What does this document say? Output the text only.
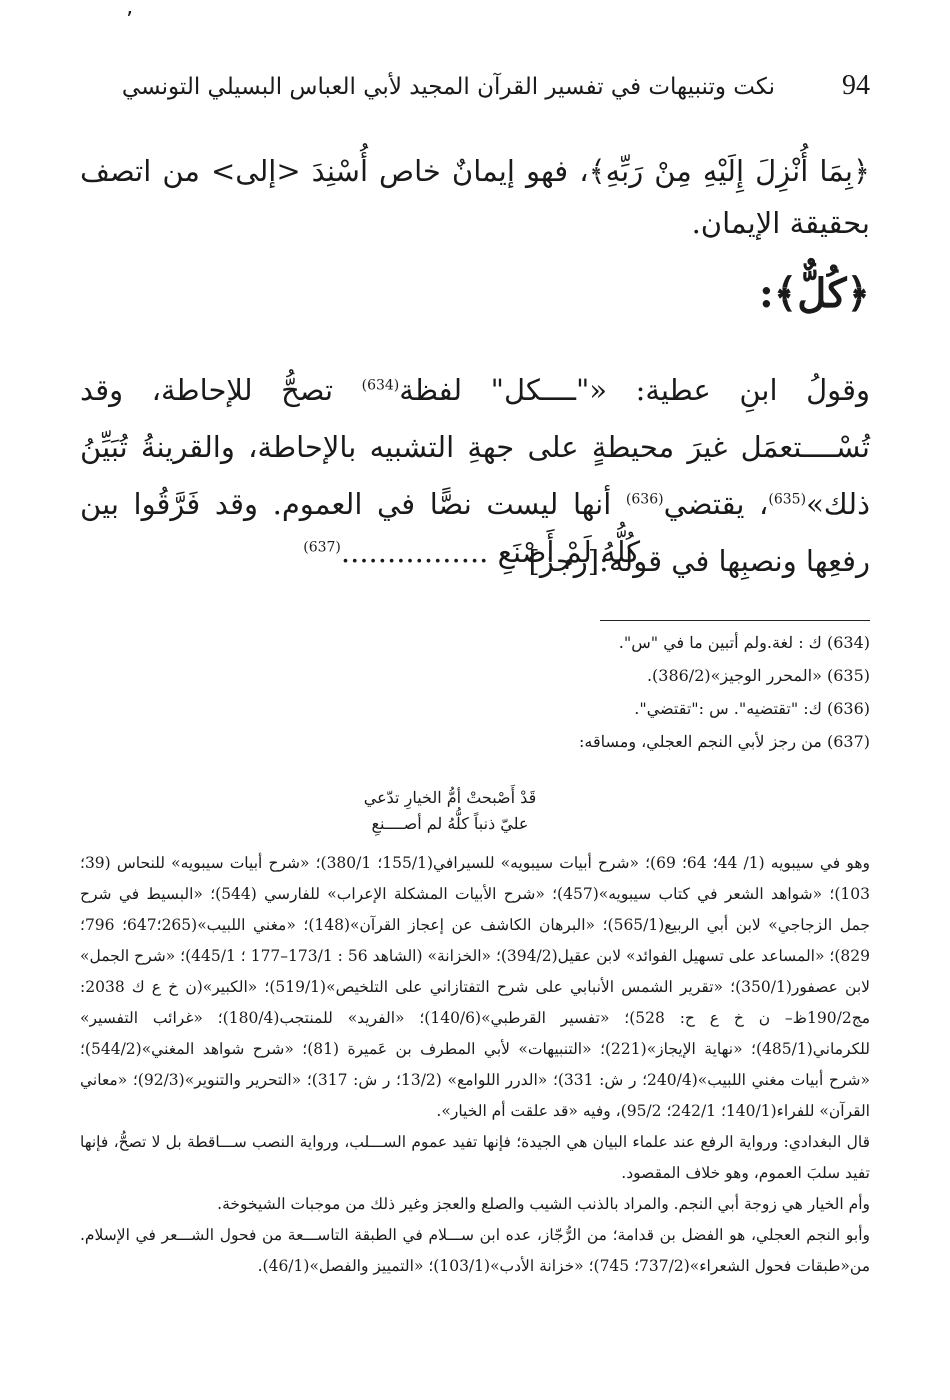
٬
94
نكت وتنبيهات في تفسير القرآن المجيد لأبي العباس البسيلي التونسي

﴿بِمَا أُنْزِلَ إِلَيْهِ مِنْ رَبِّهِ﴾، فهو إيمانٌ خاص أُسْنِدَ <إلى> من اتصف بحقيقة الإيمان.

﴿كُلٌّ﴾:

وقولُ ابنِ عطية: «"ــــكل" لفظة$^{(634)}$ تصحُّ للإحاطة، وقد تُسْــــتعمَل غيرَ محيطةٍ على جهةِ التشبيه بالإحاطة، والقرينةُ تُبَيِّنُ ذلك»$^{(635)}$، يقتضي$^{(636)}$ أنها ليست نصًّا في العموم. وقد فَرَّقُوا بين رفعِها ونصبِها في قوله:[رجز]

كُلُّهُ لَمْ أَصْنَعِ ................$^{(637)}$
(634) ك : لغة.ولم أتبين ما في "س".
(635) «المحرر الوجيز»(386/2).
(636) ك: "تقتضيه". س :"تقتضي".
(637) من رجز لأبي النجم العجلي، ومساقه:
قَدْ أَصْبحتْ أمُّ الخيارِ تدّعي
عليّ ذنباً كلُّهُ لم أصــــنعِ

وهو في سيبويه (1/ 44؛ 64؛ 69)؛ «شرح أبيات سيبويه» للسيرافي(155/1؛ 380/1)؛ «شرح أبيات سيبويه» للنحاس (39؛ 103)؛ «شواهد الشعر في كتاب سيبويه»(457)؛ «شرح الأبيات المشكلة الإعراب» للفارسي (544)؛ «البسيط في شرح جمل الزجاجي» لابن أبي الربيع(565/1)؛ «البرهان الكاشف عن إعجاز القرآن»(148)؛ «مغني اللبيب»(265؛647؛ 796؛ 829)؛ «المساعد على تسهيل الفوائد» لابن عقيل(394/2)؛ «الخزانة» (الشاهد 56 : 173/1–177 ؛ 445/1)؛ «شرح الجمل» لابن عصفور(350/1)؛ «تقرير الشمس الأنبابي على شرح التفتازاني على التلخيص»(519/1)؛ «الكبير»(ن خ ع ك 2038: مج190/2ظ– ن خ ع ح: 528)؛ «تفسير القرطبي»(140/6)؛ «الفريد» للمنتجب(180/4)؛ «غرائب التفسير» للكرماني(485/1)؛ «نهاية الإيجاز»(221)؛ «التنبيهات» لأبي المطرف بن عَميرة (81)؛ «شرح شواهد المغني»(544/2)؛ «شرح أبيات مغني اللبيب»(240/4؛ ر ش: 331)؛ «الدرر اللوامع» (13/2؛ ر ش: 317)؛ «التحرير والتنوير»(92/3)؛ «معاني القرآن» للفراء(140/1؛ 242/1؛ 95/2)، وفيه «قد علقت أم الخيار».

قال البغدادي: ورواية الرفع عند علماء البيان هي الجيدة؛ فإنها تفيد عموم الســـلب، ورواية النصب ســـاقطة بل لا تصحُّ، فإنها تفيد سلبَ العموم، وهو خلاف المقصود.

وأم الخيار هي زوجة أبي النجم. والمراد بالذنب الشيب والصلع والعجز وغير ذلك من موجبات الشيخوخة.

وأبو النجم العجلي، هو الفضل بن قدامة؛ من الرُّجّاز، عده ابن ســـلام في الطبقة التاســـعة من فحول الشـــعر في الإسلام. من«طبقات فحول الشعراء»(737/2؛ 745)؛ «خزانة الأدب»(103/1)؛ «التمييز والفصل»(46/1).
